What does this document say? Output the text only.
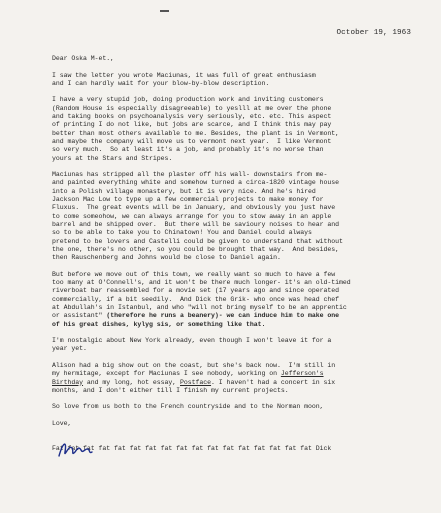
October 19, 1963

Dear Oska M-et.,

I saw the letter you wrote Maciunas, it was full of great enthusiasm
and I can hardly wait for your blow-by-blow description.

I have a very stupid job, doing production work and inviting customers
(Random House is especially disagreeable) to yeslll at me over the phone
and taking books on psychoanalysis very seriously, etc. etc. This aspect
of printing I do not like, but jobs are scarce, and I think this may pay
better than most others available to me. Besides, the plant is in Vermont,
and maybe the company will move us to vermont next year.  I like Vermont
so very much.  So at least it's a job, and probably it's no worse than
yours at the Stars and Stripes.

Maciunas has stripped all the plaster off his wall- downstairs from me-
and painted everything white and somehow turned a circa-1820 vintage house
into a Polish village monastery, but it is very nice. And he's hired
Jackson Mac Low to type up a few commercial projects to make money for
Fluxus.  The great events will be in January, and obviously you just have
to come someohow, we can always arrange for you to stow away in an apple
barrel and be shipped over.  But there will be savioury noises to hear and
so to be able to take you to Chinatown! You and Daniel could always
pretend to be lovers and Castelli could be given to understand that without
the one, there's no other, so you could be brought that way.  And besides,
then Rauschenberg and Johns would be close to Daniel again.

But before we move out of this town, we really want so much to have a few
too many at O'Connell's, and it won't be there much longer- it's an old-timed
riverboat bar reassembled for a movie set (17 years ago and since operated
commercially, if a bit seedily.  And Dick the Grik- who once was head chef
at Abdullah's in Istanbul, and who "will not bring myself to be an apprentic
or assistant" (therefore he runs a beanery)- we can induce him to make one
of his great dishes, kylyg sis, or something like that.

I'm nostalgic about New York already, even though I won't leave it for a
year yet.

Alison had a big show out on the coast, but she's back now.  I'm still in
my hermitage, except for Maciunas I see nobody, working on Jefferson's
Birthday and my long, hot essay, Postface. I haven't had a concert in six
months, and I don't either till I finish my current projects.

So love from us both to the French countryside and to the Norman moon,

Love,

Fat fat fat fat fat fat fat fat fat fat fat fat fat fat fat fat fat Dick
